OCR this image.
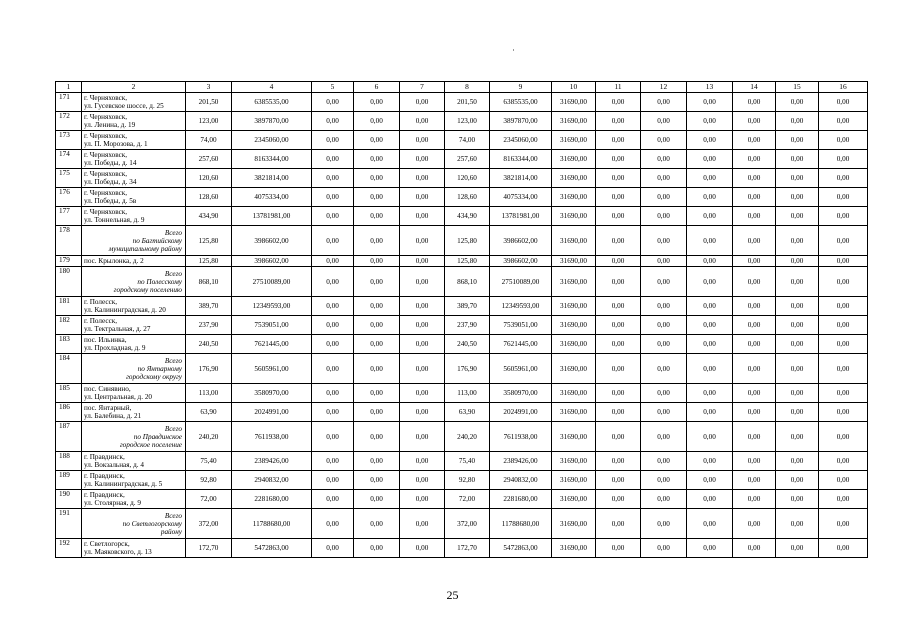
1	2	3	4	5	6	7	8	9	10	11	12	13	14	15	16
171	г. Черняховск,
ул. Гусевское шоссе, д. 25	201,50	6385535,00	0,00	0,00	0,00	201,50	6385535,00	31690,00	0,00	0,00	0,00	0,00	0,00	0,00
172	г. Черняховск,
ул. Ленина, д. 19	123,00	3897870,00	0,00	0,00	0,00	123,00	3897870,00	31690,00	0,00	0,00	0,00	0,00	0,00	0,00
173	г. Черняховск,
ул. П. Морозова, д. 1	74,00	2345060,00	0,00	0,00	0,00	74,00	2345060,00	31690,00	0,00	0,00	0,00	0,00	0,00	0,00
174	г. Черняховск,
ул. Победы, д. 14	257,60	8163344,00	0,00	0,00	0,00	257,60	8163344,00	31690,00	0,00	0,00	0,00	0,00	0,00	0,00
175	г. Черняховск,
ул. Победы, д. 34	120,60	3821814,00	0,00	0,00	0,00	120,60	3821814,00	31690,00	0,00	0,00	0,00	0,00	0,00	0,00
176	г. Черняховск,
ул. Победы, д. 5в	128,60	4075334,00	0,00	0,00	0,00	128,60	4075334,00	31690,00	0,00	0,00	0,00	0,00	0,00	0,00
177	г. Черняховск,
ул. Тоннельная, д. 9	434,90	13781981,00	0,00	0,00	0,00	434,90	13781981,00	31690,00	0,00	0,00	0,00	0,00	0,00	0,00
178	Всего
по Багтийскому
муниципальному району	125,80	3986602,00	0,00	0,00	0,00	125,80	3986602,00	31690,00	0,00	0,00	0,00	0,00	0,00	0,00
179	пос. Крылонка, д. 2	125,80	3986602,00	0,00	0,00	0,00	125,80	3986602,00	31690,00	0,00	0,00	0,00	0,00	0,00	0,00
180	Всего
по Полесскому
городскому поселению	868,10	27510089,00	0,00	0,00	0,00	868,10	27510089,00	31690,00	0,00	0,00	0,00	0,00	0,00	0,00
181	г. Полесск,
ул. Калининградская, д. 20	389,70	12349593,00	0,00	0,00	0,00	389,70	12349593,00	31690,00	0,00	0,00	0,00	0,00	0,00	0,00
182	г. Полесск,
ул. Тектральная, д. 27	237,90	7539051,00	0,00	0,00	0,00	237,90	7539051,00	31690,00	0,00	0,00	0,00	0,00	0,00	0,00
183	пос. Ильинка,
ул. Прохладная, д. 9	240,50	7621445,00	0,00	0,00	0,00	240,50	7621445,00	31690,00	0,00	0,00	0,00	0,00	0,00	0,00
184	Всего
по Янтарному
городскому округу	176,90	5605961,00	0,00	0,00	0,00	176,90	5605961,00	31690,00	0,00	0,00	0,00	0,00	0,00	0,00
185	пос. Синявино,
ул. Центральная, д. 20	113,00	3580970,00	0,00	0,00	0,00	113,00	3580970,00	31690,00	0,00	0,00	0,00	0,00	0,00	0,00
186	пос. Янтарный,
ул. Балебина, д. 21	63,90	2024991,00	0,00	0,00	0,00	63,90	2024991,00	31690,00	0,00	0,00	0,00	0,00	0,00	0,00
187	Всего
по Правдинское
городское поселение	240,20	7611938,00	0,00	0,00	0,00	240,20	7611938,00	31690,00	0,00	0,00	0,00	0,00	0,00	0,00
188	г. Правдинск,
ул. Вокзальная, д. 4	75,40	2389426,00	0,00	0,00	0,00	75,40	2389426,00	31690,00	0,00	0,00	0,00	0,00	0,00	0,00
189	г. Правдинск,
ул. Калининградская, д. 5	92,80	2940832,00	0,00	0,00	0,00	92,80	2940832,00	31690,00	0,00	0,00	0,00	0,00	0,00	0,00
190	г. Правдинск,
ул. Столярная, д. 9	72,00	2281680,00	0,00	0,00	0,00	72,00	2281680,00	31690,00	0,00	0,00	0,00	0,00	0,00	0,00
191	Всего
по Светлогорскому
району	372,00	11788680,00	0,00	0,00	0,00	372,00	11788680,00	31690,00	0,00	0,00	0,00	0,00	0,00	0,00
192	г. Светлогорск,
ул. Маяковского, д. 13	172,70	5472863,00	0,00	0,00	0,00	172,70	5472863,00	31690,00	0,00	0,00	0,00	0,00	0,00	0,00
25
